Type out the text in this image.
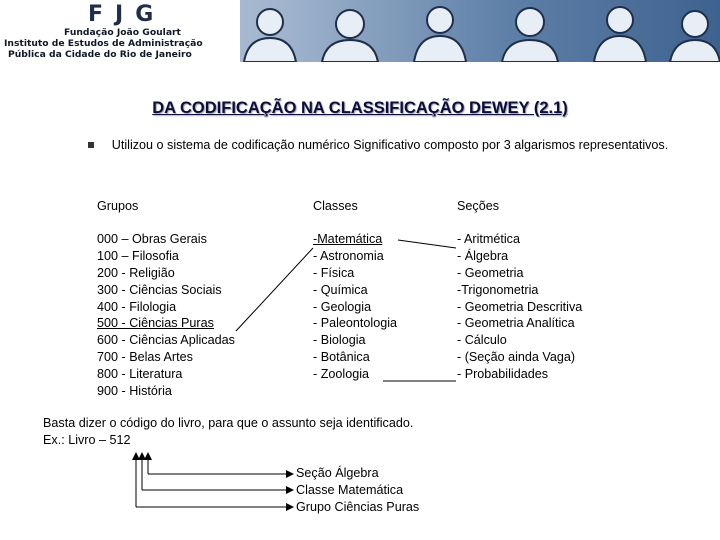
FJG
Fundação João Goulart
Instituto de Estudos de Administração
Pública da Cidade do Rio de Janeiro
DA CODIFICAÇÃO NA CLASSIFICAÇÃO DEWEY (2.1)
Utilizou o sistema de codificação numérico Significativo composto por 3 algarismos representativos.
Grupos
000 – Obras Gerais
100 – Filosofia
200 - Religião
300 - Ciências Sociais
400 - Filologia
500 - Ciências Puras
600 - Ciências Aplicadas
700 - Belas Artes
800 - Literatura
900 - História
Classes
-Matemática
- Astronomia
- Física
- Química
- Geologia
- Paleontologia
- Biologia
- Botânica
- Zoologia
Seções
- Aritmética
- Álgebra
- Geometria
-Trigonometria
- Geometria Descritiva
- Geometria Analítica
- Cálculo
- (Seção ainda Vaga)
- Probabilidades
Basta dizer o código do livro, para que o assunto seja identificado.
Ex.: Livro – 512
Seção Álgebra
Classe Matemática
Grupo Ciências Puras
